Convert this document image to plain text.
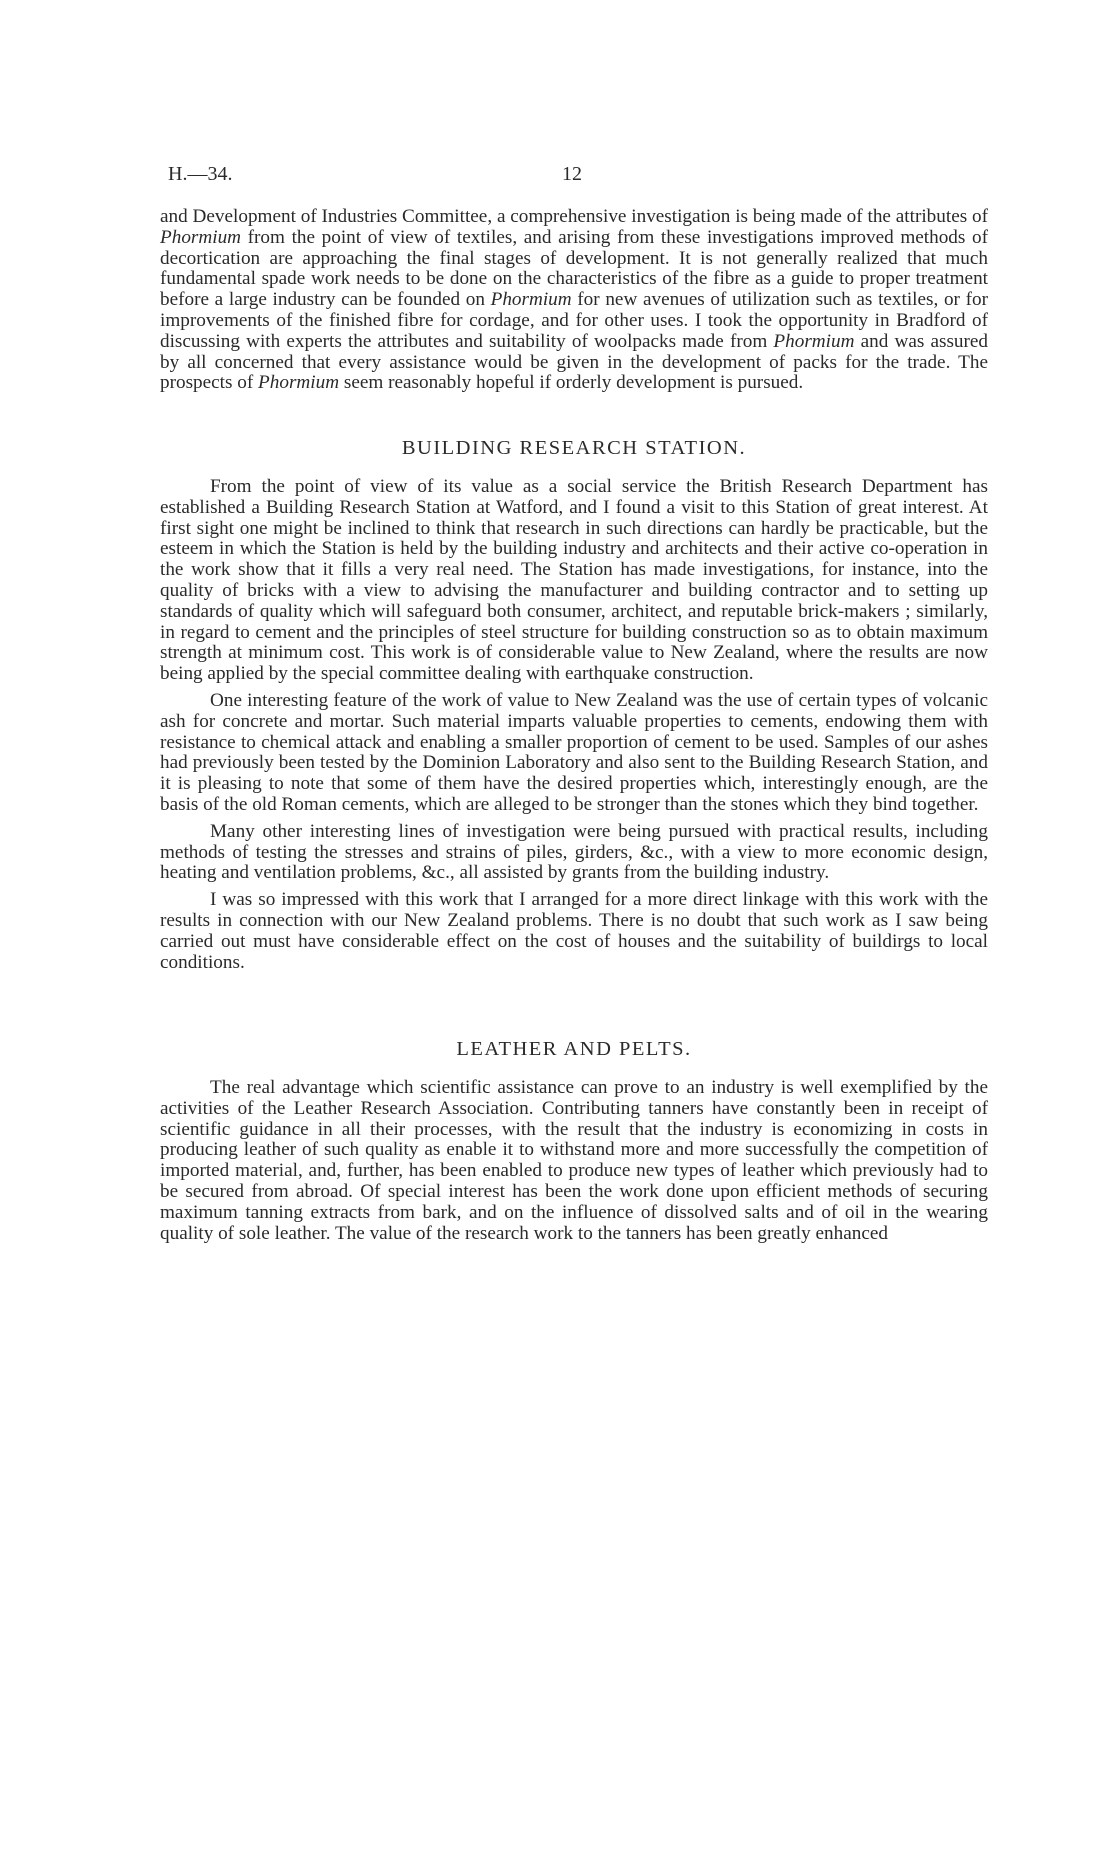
H.—34.	12

and Development of Industries Committee, a comprehensive investigation is being made of the attributes of Phormium from the point of view of textiles, and arising from these investigations improved methods of decortication are approaching the final stages of development. It is not generally realized that much fundamental spade work needs to be done on the characteristics of the fibre as a guide to proper treatment before a large industry can be founded on Phormium for new avenues of utilization such as textiles, or for improvements of the finished fibre for cordage, and for other uses. I took the opportunity in Bradford of discussing with experts the attributes and suitability of woolpacks made from Phormium and was assured by all concerned that every assistance would be given in the development of packs for the trade. The prospects of Phormium seem reasonably hopeful if orderly development is pursued.

BUILDING RESEARCH STATION.

From the point of view of its value as a social service the British Research Department has established a Building Research Station at Watford, and I found a visit to this Station of great interest. At first sight one might be inclined to think that research in such directions can hardly be practicable, but the esteem in which the Station is held by the building industry and architects and their active co-operation in the work show that it fills a very real need. The Station has made investigations, for instance, into the quality of bricks with a view to advising the manufacturer and building contractor and to setting up standards of quality which will safeguard both consumer, architect, and reputable brick-makers ; similarly, in regard to cement and the principles of steel structure for building construction so as to obtain maximum strength at minimum cost. This work is of considerable value to New Zealand, where the results are now being applied by the special committee dealing with earthquake construction.

One interesting feature of the work of value to New Zealand was the use of certain types of volcanic ash for concrete and mortar. Such material imparts valuable properties to cements, endowing them with resistance to chemical attack and enabling a smaller proportion of cement to be used. Samples of our ashes had previously been tested by the Dominion Laboratory and also sent to the Building Research Station, and it is pleasing to note that some of them have the desired properties which, interestingly enough, are the basis of the old Roman cements, which are alleged to be stronger than the stones which they bind together.

Many other interesting lines of investigation were being pursued with practical results, including methods of testing the stresses and strains of piles, girders, &c., with a view to more economic design, heating and ventilation problems, &c., all assisted by grants from the building industry.

I was so impressed with this work that I arranged for a more direct linkage with this work with the results in connection with our New Zealand problems. There is no doubt that such work as I saw being carried out must have considerable effect on the cost of houses and the suitability of buildirgs to local conditions.

LEATHER AND PELTS.

The real advantage which scientific assistance can prove to an industry is well exemplified by the activities of the Leather Research Association. Contributing tanners have constantly been in receipt of scientific guidance in all their processes, with the result that the industry is economizing in costs in producing leather of such quality as enable it to withstand more and more successfully the competition of imported material, and, further, has been enabled to produce new types of leather which previously had to be secured from abroad. Of special interest has been the work done upon efficient methods of securing maximum tanning extracts from bark, and on the influence of dissolved salts and of oil in the wearing quality of sole leather. The value of the research work to the tanners has been greatly enhanced
